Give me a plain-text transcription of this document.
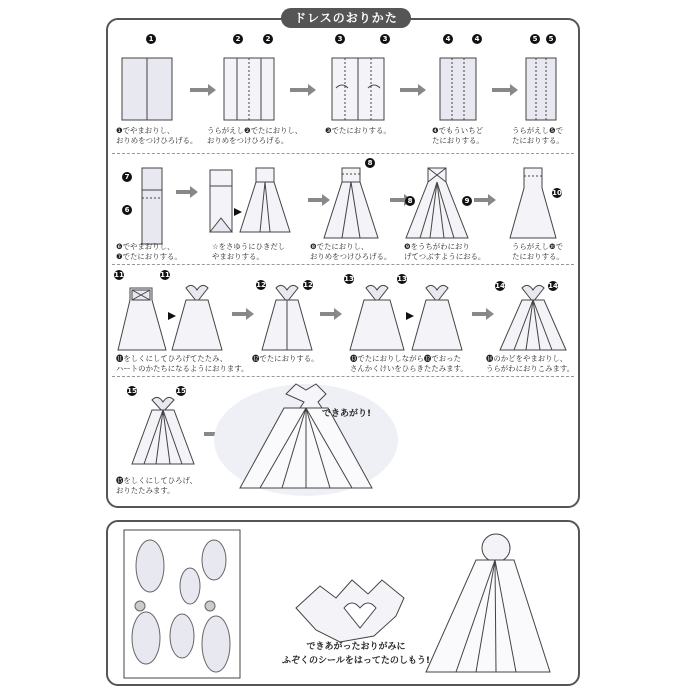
ドレスのおりかた
1	2	2	3	3	4	4	5	5
❶でやまおりし、
おりめをつけひろげる。
うらがえし❷でたにおりし、
おりめをつけひろげる。
❸でたにおりする。	❹でもういちど
たにおりする。
うらがえし❺で
たにおりする。
7
6
8
8	9
10
❻でやまおりし、
❼でたにおりする。
☆をさゆうにひきだし
やまおりする。
❽でたにおりし、
おりめをつけひろげる。
❾をうちがわにおり
げてつぶすようにおる。
うらがえし❿で
たにおりする。
11	11
12	12
13	13
14	14
⓫をしくにしてひろげてたたみ、
ハートのかたちになるようにおります。
⓬でたにおりする。	⓭でたにおりしながら⓬でおった
さんかくけいをひらきたたみます。
⓮のかどをやまおりし、
うらがわにおりこみます。
15	15
できあがり!
⓯をしくにしてひろげ、
おりたたみます。
できあがったおりがみに
ふぞくのシールをはってたのしもう!
